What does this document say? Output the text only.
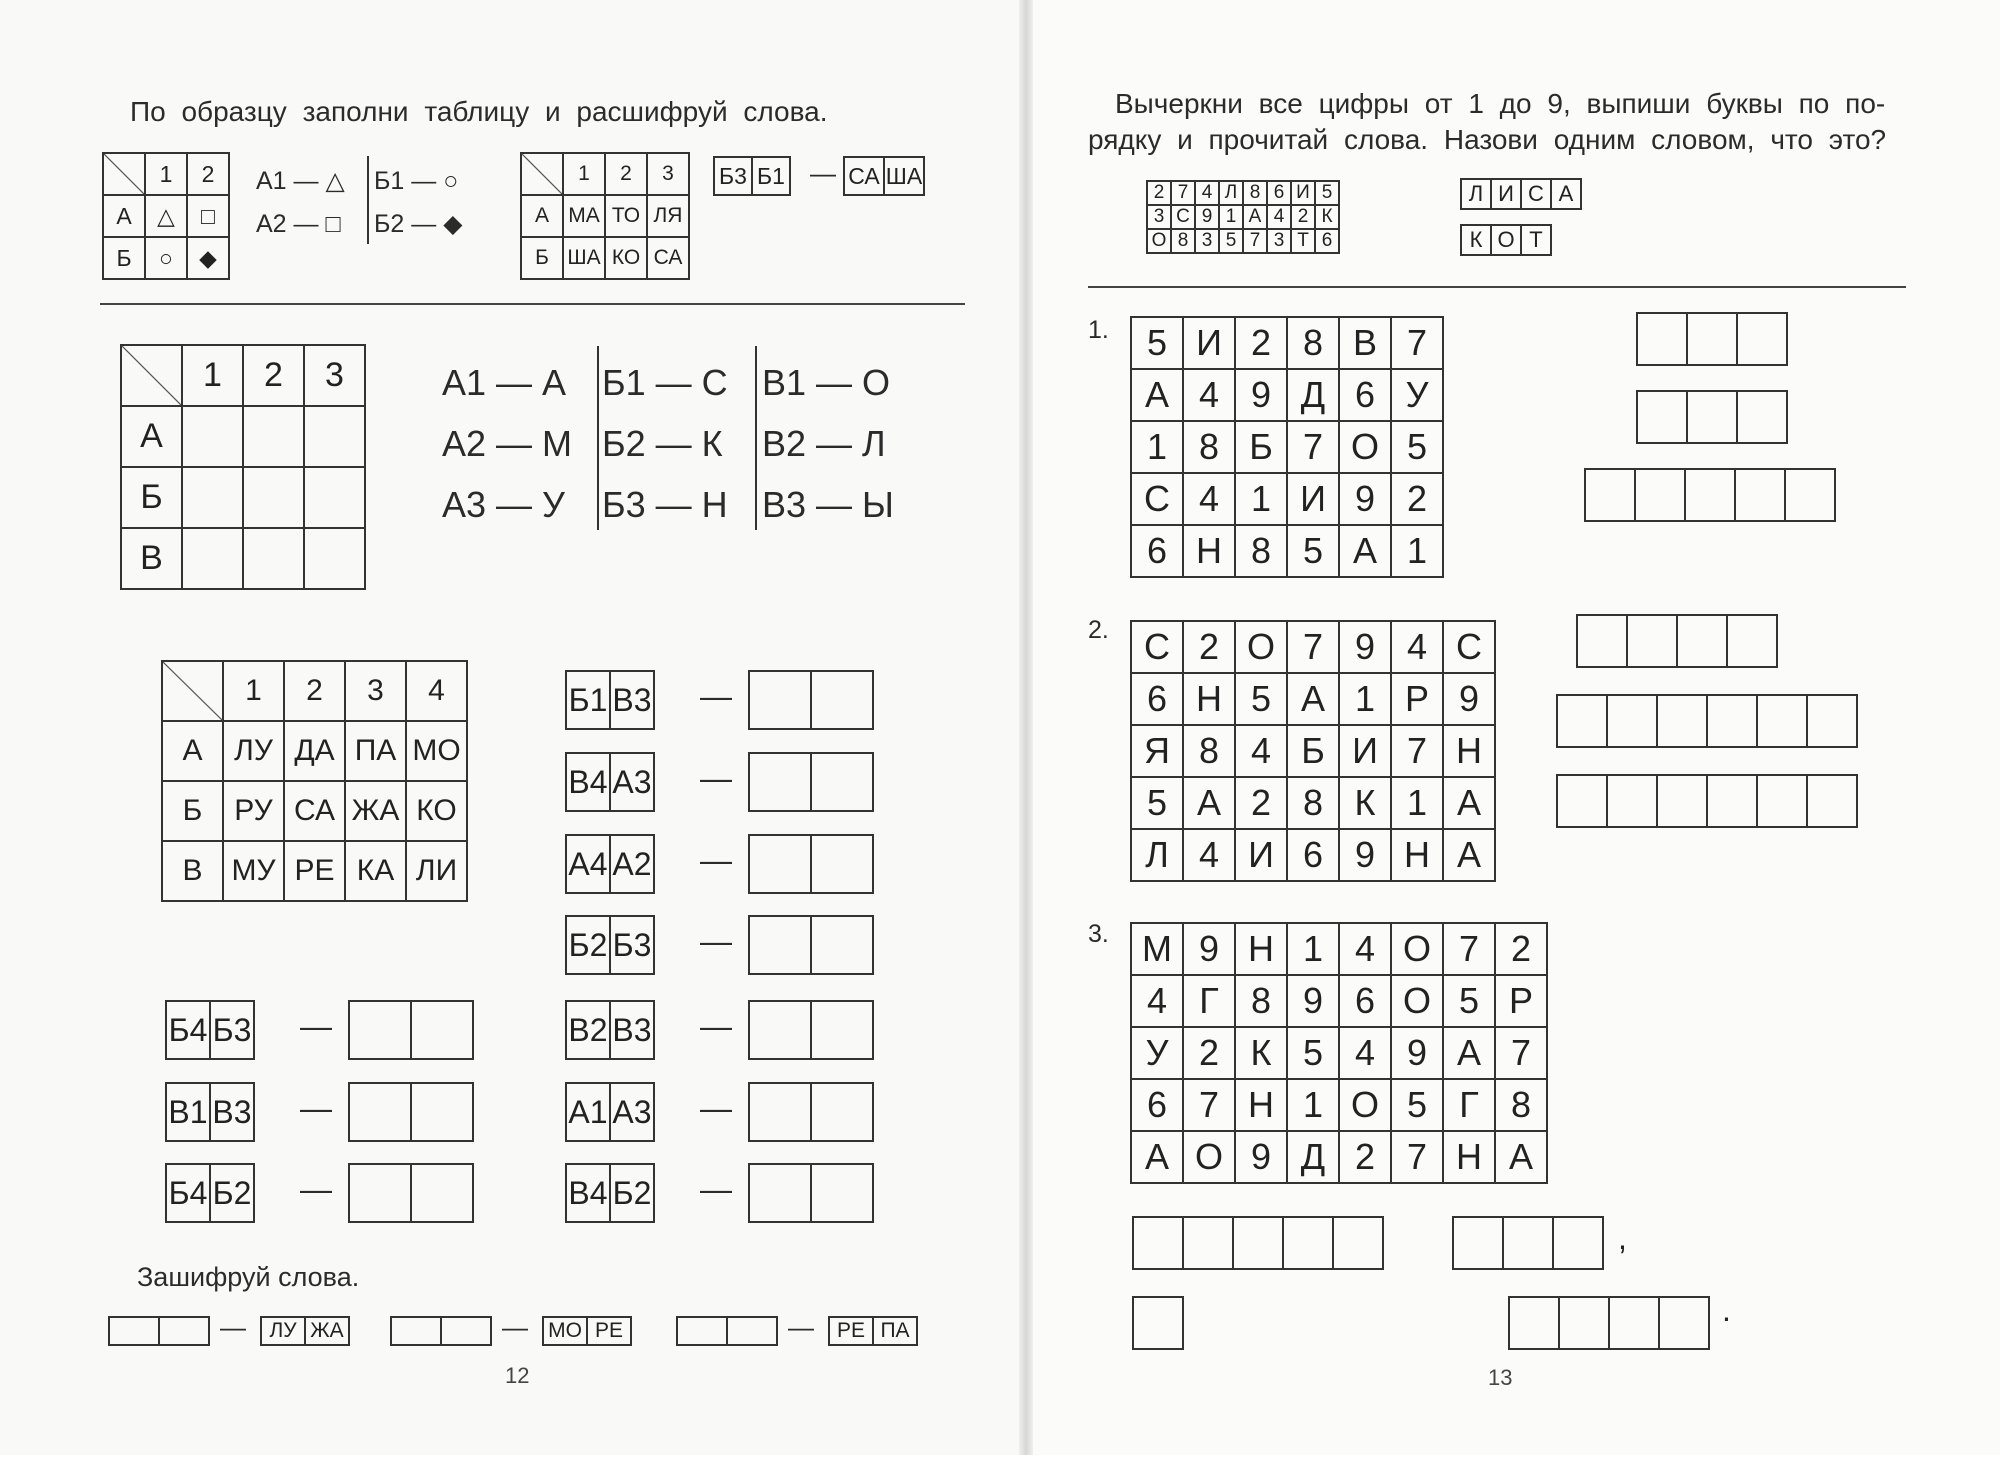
По образцу заполни таблицу и расшифруй слова.
	1	2
А	△	□
Б	○	◆
А1 — △
А2 — □
Б1 — ○
Б2 — ◆
	1	2	3
А	МА	ТО	ЛЯ
Б	ША	КО	СА
Б3	Б1 — СА	ША
	1	2	3
А			
Б			
В			
А1 — А
А2 — М
А3 — У
Б1 — С
Б2 — К
Б3 — Н
В1 — О
В2 — Л
В3 — Ы
	1	2	3	4
А	ЛУ	ДА	ПА	МО
Б	РУ	СА	ЖА	КО
В	МУ	РЕ	КА	ЛИ
Б1	В3 —

В4	А3 —

А4	А2 —

Б2	Б3 —

Б4	Б3 —

В1	В3 —

Б4	Б2 —

В2	В3 —

А1	А3 —

В4	Б2 —

Зашифруй слова.

— ЛУ	ЖА
		— МО	РЕ
		— РЕ	ПА
12
Вычеркни все цифры от 1 до 9, выпиши буквы по по-
рядку и прочитай слова. Назови одним словом, что это?
2	7	4	Л	8	6	И	5
3	С	9	1	А	4	2	К
О	8	3	5	7	3	Т	6
Л	И	С	А
К	О	Т
1. 5	И	2	8	В	7
А	4	9	Д	6	У
1	8	Б	7	О	5
С	4	1	И	9	2
6	Н	8	5	А	1
2. С	2	О	7	9	4	С
6	Н	5	А	1	Р	9
Я	8	4	Б	И	7	Н
5	А	2	8	К	1	А
Л	4	И	6	9	Н	А
3. М	9	Н	1	4	О	7	2
4	Г	8	9	6	О	5	Р
У	2	К	5	4	9	А	7
6	7	Н	1	О	5	Г	8
А	О	9	Д	2	7	Н	А

,
.
13
